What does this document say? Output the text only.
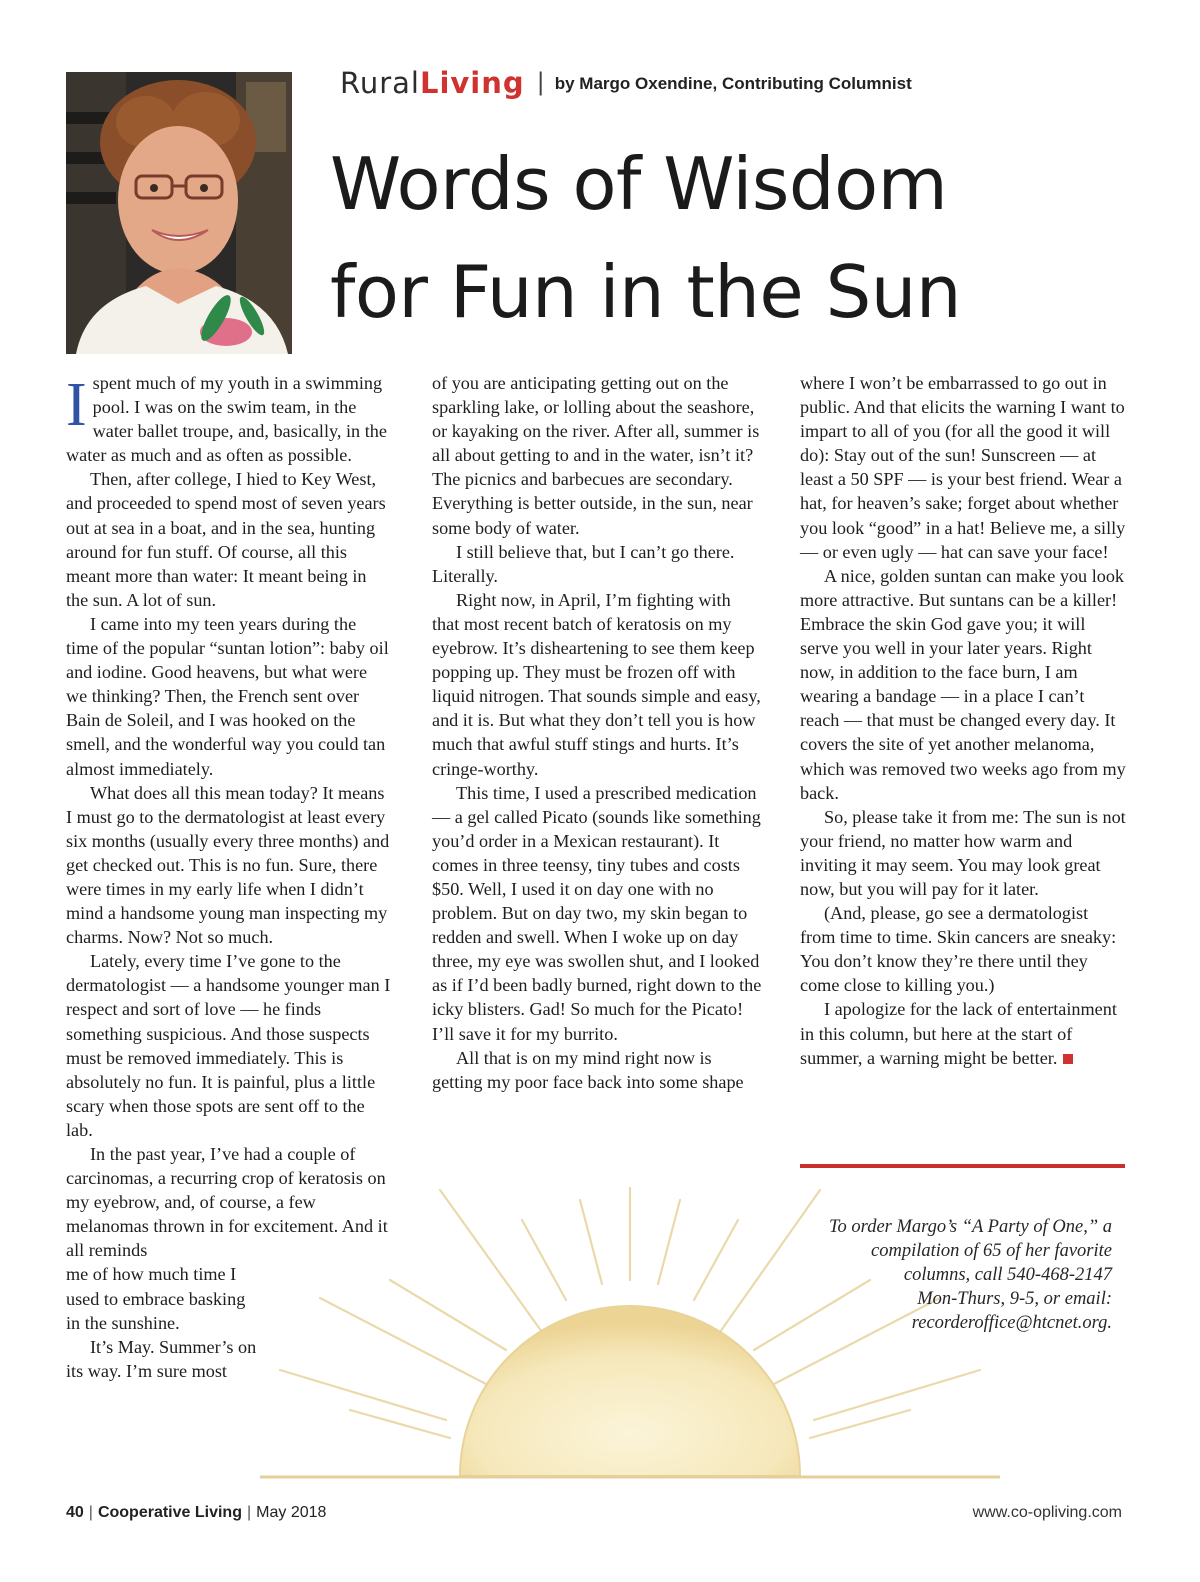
RuralLiving | by Margo Oxendine, Contributing Columnist
Words of Wisdom
for Fun in the Sun

Ispent much of my youth in a swimming pool. I was on the swim team, in the water ballet troupe, and, basically, in the water as much and as often as possible.

Then, after college, I hied to Key West, and proceeded to spend most of seven years out at sea in a boat, and in the sea, hunting around for fun stuff. Of course, all this meant more than water: It meant being in the sun. A lot of sun.

I came into my teen years during the time of the popular “suntan lotion”: baby oil and iodine. Good heavens, but what were we thinking? Then, the French sent over Bain de Soleil, and I was hooked on the smell, and the wonderful way you could tan almost immediately.

What does all this mean today? It means I must go to the dermatologist at least every six months (usually every three months) and get checked out. This is no fun. Sure, there were times in my early life when I didn’t mind a handsome young man inspecting my charms. Now? Not so much.

Lately, every time I’ve gone to the dermatologist — a handsome younger man I respect and sort of love — he finds something suspicious. And those suspects must be removed immediately. This is absolutely no fun. It is painful, plus a little scary when those spots are sent off to the lab.

In the past year, I’ve had a couple of carcinomas, a recurring crop of keratosis on my eyebrow, and, of course, a few melanomas thrown in for excitement. And it all reminds

me of how much time I
used to embrace basking
in the sunshine.
It’s May. Summer’s on
its way. I’m sure most

of you are anticipating getting out on the sparkling lake, or lolling about the seashore, or kayaking on the river. After all, summer is all about getting to and in the water, isn’t it? The picnics and barbecues are secondary. Everything is better outside, in the sun, near some body of water.

I still believe that, but I can’t go there. Literally.

Right now, in April, I’m fighting with that most recent batch of keratosis on my eyebrow. It’s disheartening to see them keep popping up. They must be frozen off with liquid nitrogen. That sounds simple and easy, and it is. But what they don’t tell you is how much that awful stuff stings and hurts. It’s cringe-worthy.

This time, I used a prescribed medication — a gel called Picato (sounds like something you’d order in a Mexican restaurant). It comes in three teensy, tiny tubes and costs $50. Well, I used it on day one with no problem. But on day two, my skin began to redden and swell. When I woke up on day three, my eye was swollen shut, and I looked as if I’d been badly burned, right down to the icky blisters. Gad! So much for the Picato! I’ll save it for my burrito.

All that is on my mind right now is getting my poor face back into some shape

where I won’t be embarrassed to go out in public. And that elicits the warning I want to impart to all of you (for all the good it will do): Stay out of the sun! Sunscreen — at least a 50 SPF — is your best friend. Wear a hat, for heaven’s sake; forget about whether you look “good” in a hat! Believe me, a silly — or even ugly — hat can save your face!

A nice, golden suntan can make you look more attractive. But suntans can be a killer! Embrace the skin God gave you; it will serve you well in your later years. Right now, in addition to the face burn, I am wearing a bandage — in a place I can’t reach — that must be changed every day. It covers the site of yet another melanoma, which was removed two weeks ago from my back.

So, please take it from me: The sun is not your friend, no matter how warm and inviting it may seem. You may look great now, but you will pay for it later.

(And, please, go see a dermatologist from time to time. Skin cancers are sneaky: You don’t know they’re there until they come close to killing you.)

I apologize for the lack of entertainment in this column, but here at the start of summer, a warning might be better.

To order Margo’s “A Party of One,” a
compilation of 65 of her favorite
columns, call 540-468-2147
Mon-Thurs, 9-5, or email:
recorderoffice@htcnet.org.
40 | Cooperative Living | May 2018	www.co-opliving.com
